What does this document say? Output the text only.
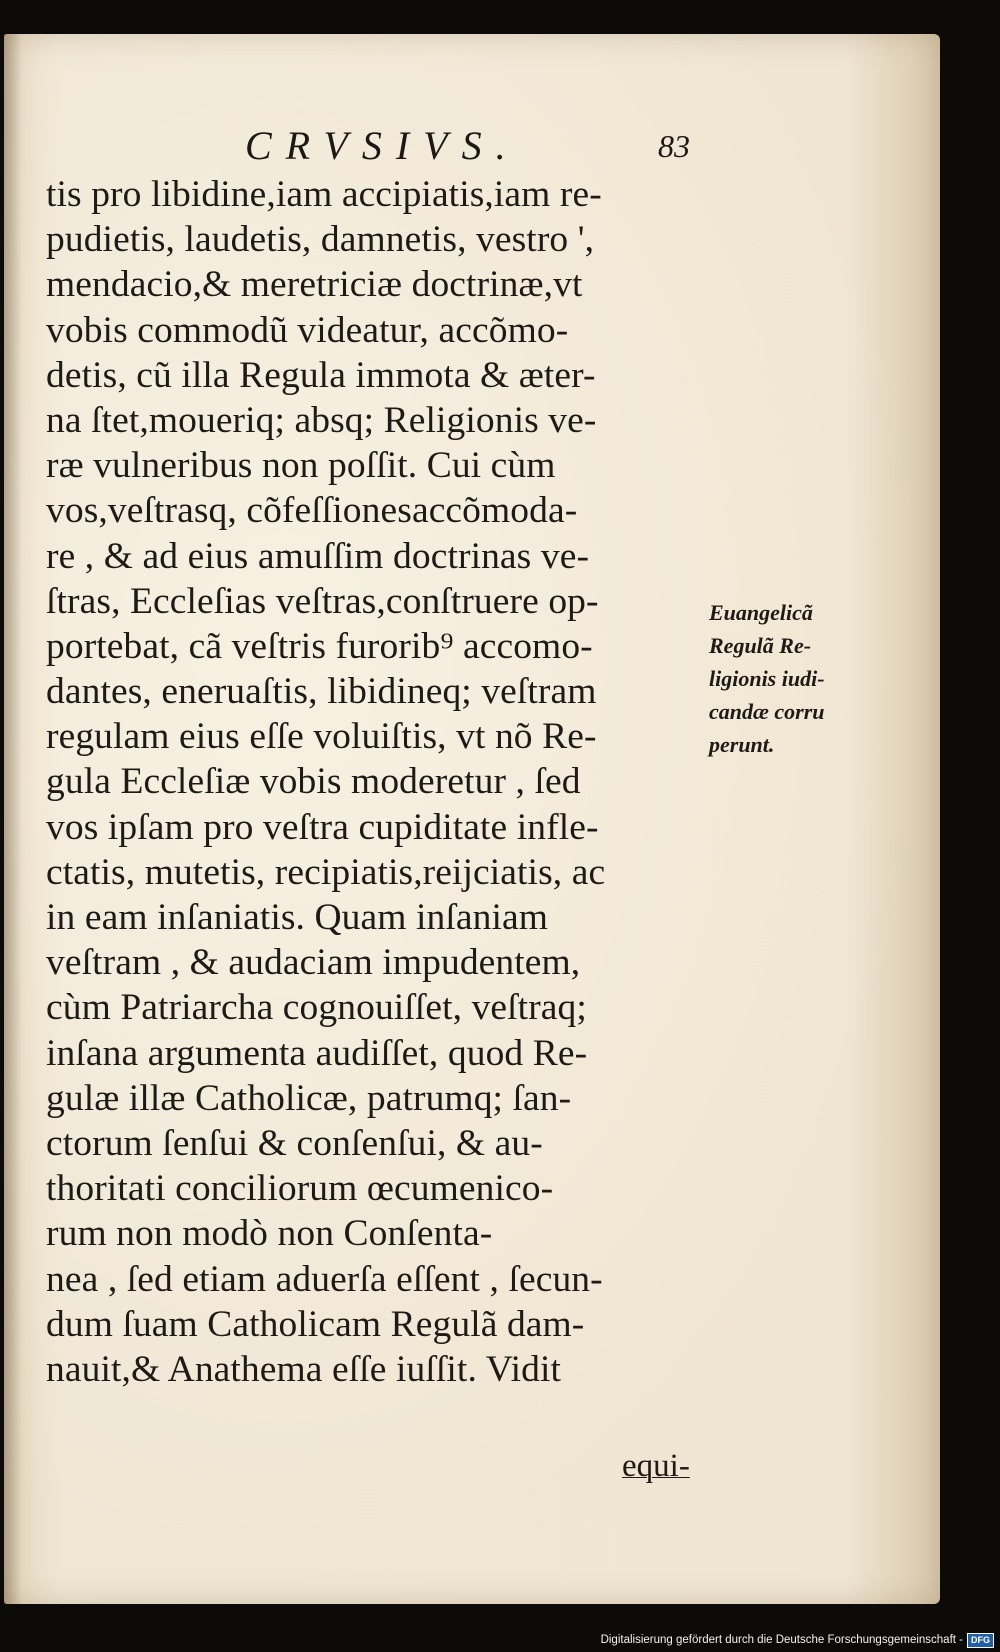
CRVSIVS.	83
tis pro libidine,iam accipiatis,iam re-
pudietis, laudetis, damnetis, vestro ',
mendacio,& meretriciæ doctrinæ,vt
vobis commodũ videatur, accõmo-
detis, cũ illa Regula immota & æter-
na ſtet,moueriq; absq; Religionis ve-
ræ vulneribus non poſſit. Cui cùm
vos,veſtrasq, cõfeſſionesaccõmoda-
re , & ad eius amuſſim doctrinas ve-
ſtras, Eccleſias veſtras,conſtruere op-
portebat, cã veſtris furorib⁹ accomo-
dantes, eneruaſtis, libidineq; veſtram
regulam eius eſſe voluiſtis, vt nõ Re-
gula Eccleſiæ vobis moderetur , ſed
vos ipſam pro veſtra cupiditate infle-
ctatis, mutetis, recipiatis,reijciatis, ac
in eam inſaniatis. Quam inſaniam
veſtram , & audaciam impudentem,
cùm Patriarcha cognouiſſet, veſtraq;
inſana argumenta audiſſet, quod Re-
gulæ illæ Catholicæ, patrumq; ſan-
ctorum ſenſui & conſenſui, & au-
thoritati conciliorum œcumenico-
rum non modò non Conſenta-
nea , ſed etiam aduerſa eſſent , ſecun-
dum ſuam Catholicam Regulã dam-
nauit,& Anathema eſſe iuſſit. Vidit
equi-
Euangelicã
Regulã Re-
ligionis iudi-
candæ corru
perunt.
Digitalisierung gefördert durch die Deutsche Forschungsgemeinschaft - DFG
